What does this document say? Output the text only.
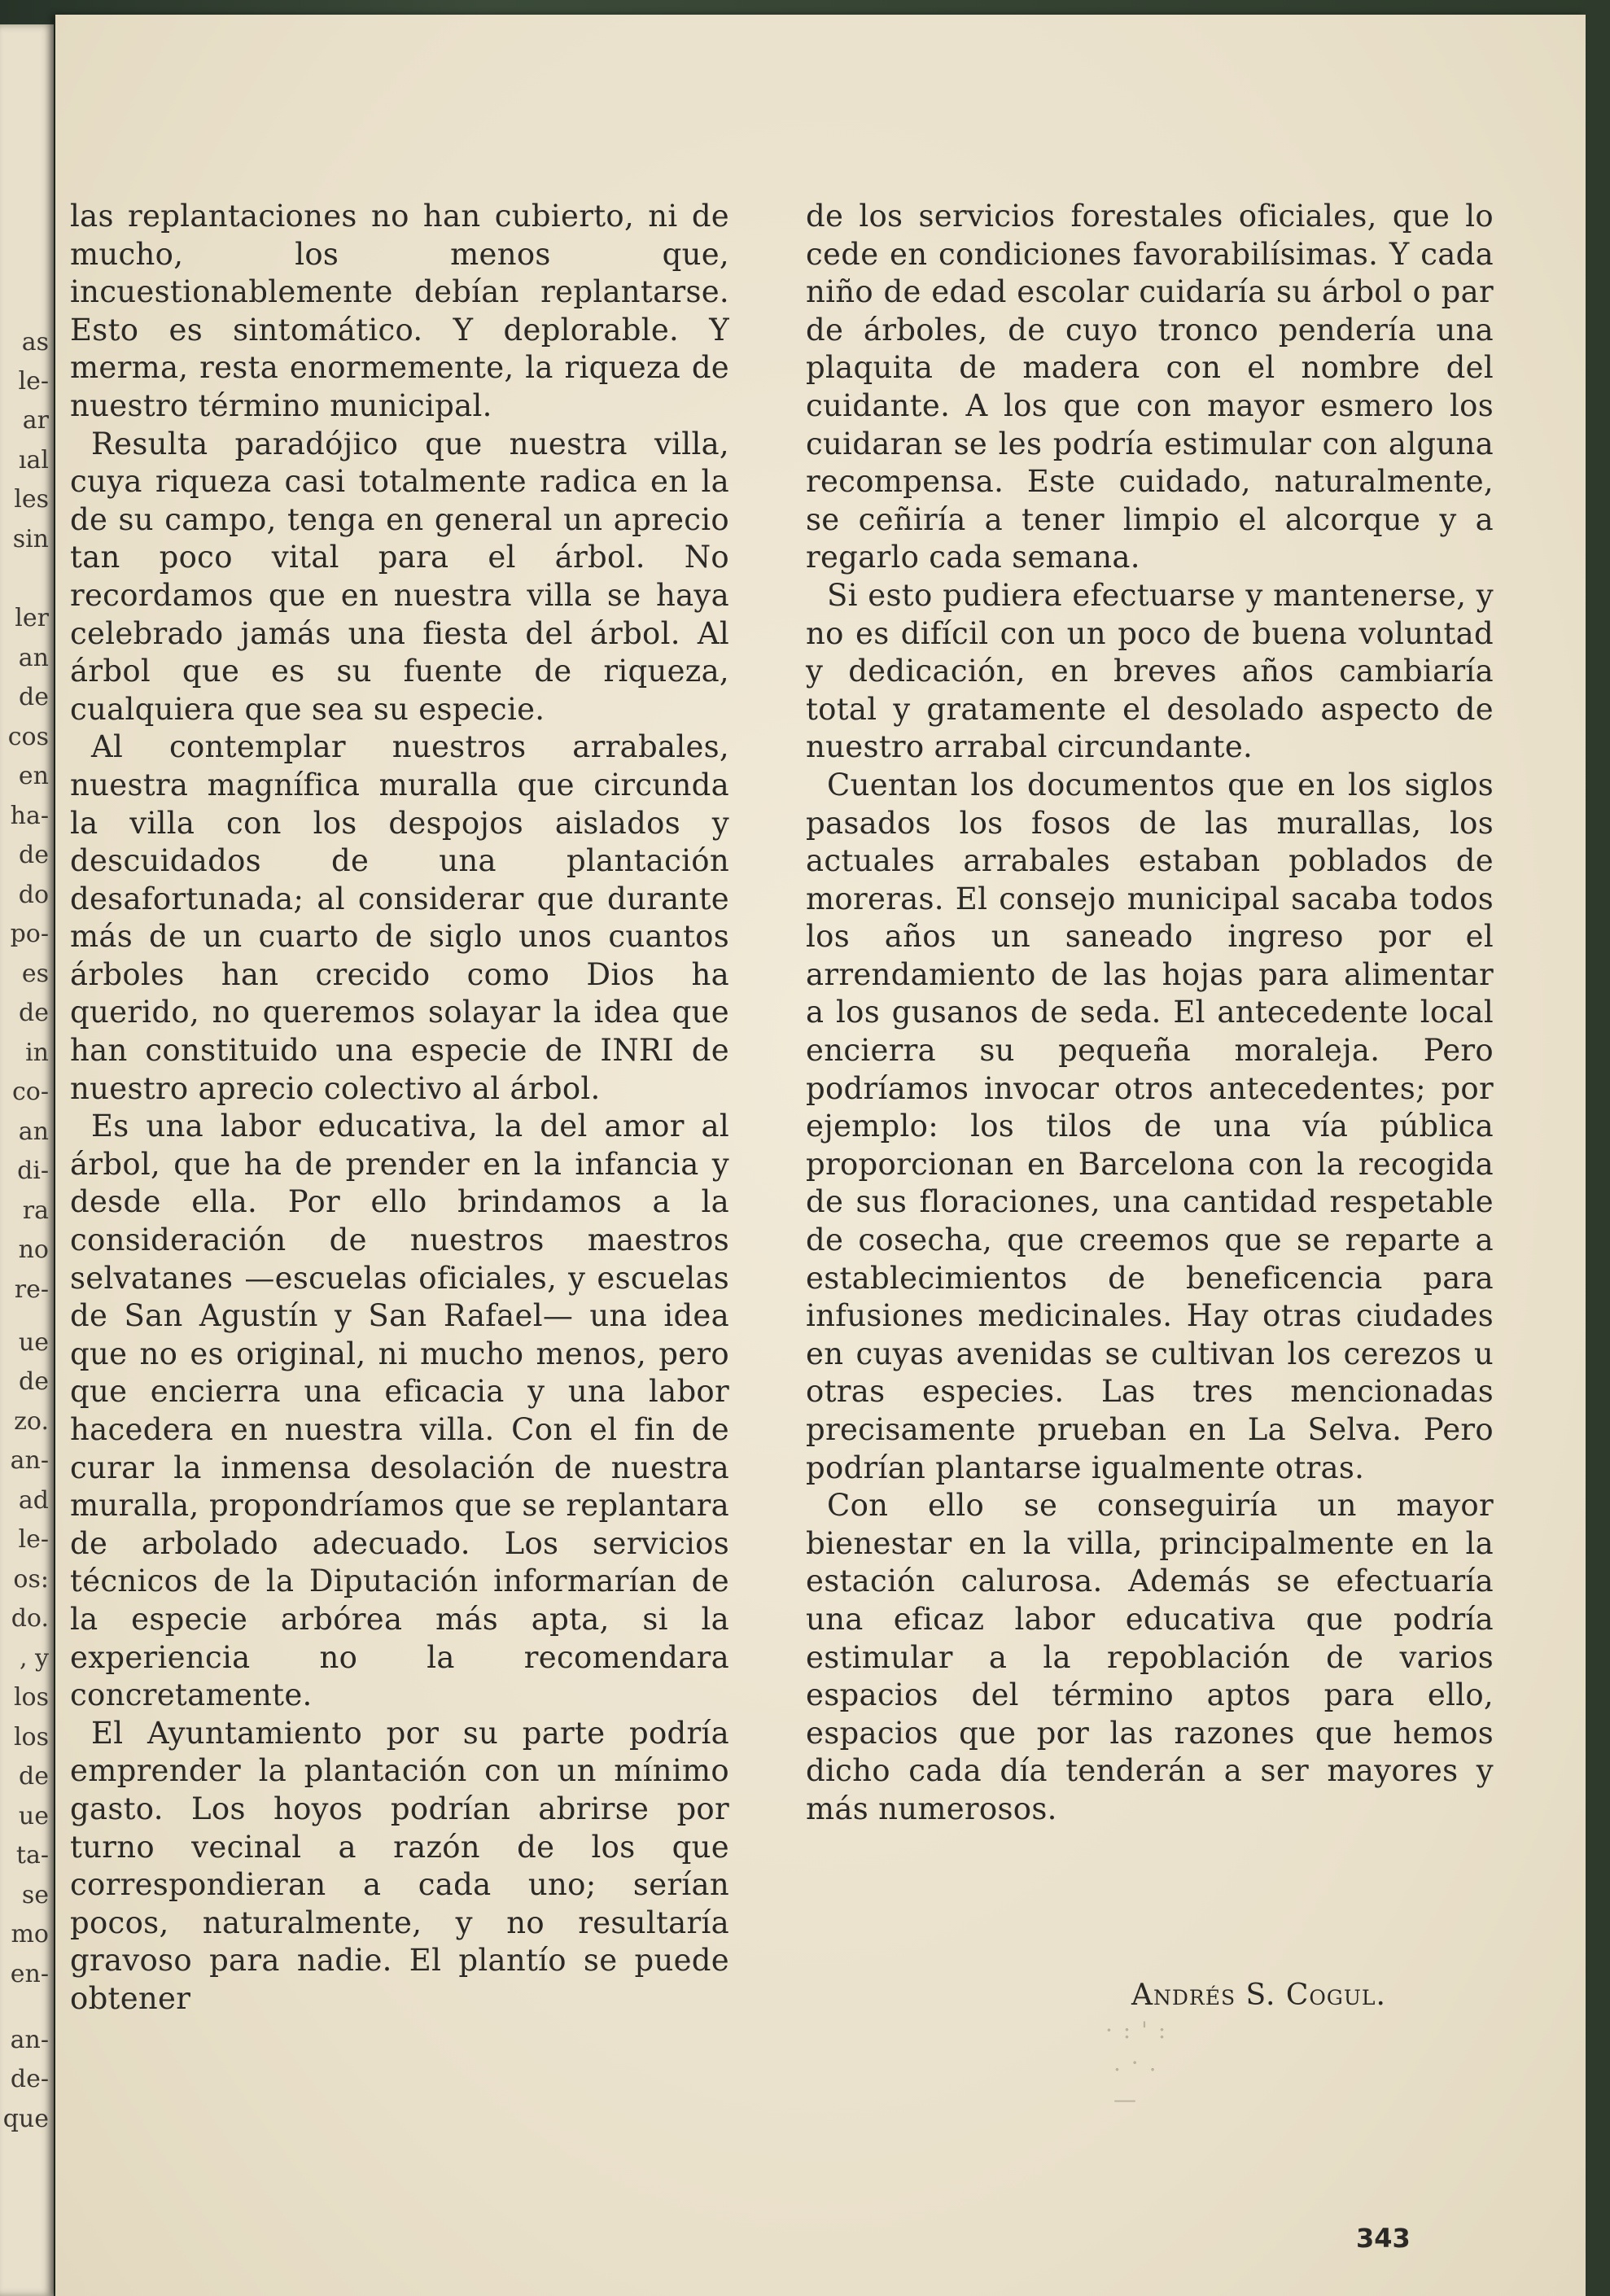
as
le-
ar
ıal
les
sin
ler
an
de
cos
en
ha-
de
do
po-
es
de
in
co-
an
di-
ra
no
re-
ue
de
zo.
an-
ad
le-
os:
do.
, y
los
los
de
ue
ta-
se
mo
en-
an-
de-
que

las replantaciones no han cubierto, ni de mucho, los menos que, incuestionablemente debían replantarse. Esto es sintomático. Y deplorable. Y merma, resta enormemente, la riqueza de nuestro término municipal.

Resulta paradójico que nuestra villa, cuya riqueza casi totalmente radica en la de su campo, tenga en general un aprecio tan poco vital para el árbol. No recordamos que en nuestra villa se haya celebrado jamás una fiesta del árbol. Al árbol que es su fuente de riqueza, cualquiera que sea su especie.

Al contemplar nuestros arrabales, nuestra magnífica muralla que circunda la villa con los despojos aislados y descuidados de una plantación desafortunada; al considerar que durante más de un cuarto de siglo unos cuantos árboles han crecido como Dios ha querido, no queremos solayar la idea que han constituido una especie de INRI de nuestro aprecio colectivo al árbol.

Es una labor educativa, la del amor al árbol, que ha de prender en la infancia y desde ella. Por ello brindamos a la consideración de nuestros maestros selvatanes —escuelas oficiales, y escuelas de San Agustín y San Rafael— una idea que no es original, ni mucho menos, pero que encierra una eficacia y una labor hacedera en nuestra villa. Con el fin de curar la inmensa desolación de nuestra muralla, propondríamos que se replantara de arbolado adecuado. Los servicios técnicos de la Diputación informarían de la especie arbórea más apta, si la experiencia no la recomendara concretamente.

El Ayuntamiento por su parte podría emprender la plantación con un mínimo gasto. Los hoyos podrían abrirse por turno vecinal a razón de los que correspondieran a cada uno; serían pocos, naturalmente, y no resultaría gravoso para nadie. El plantío se puede obtener

de los servicios forestales oficiales, que lo cede en condiciones favorabilísimas. Y cada niño de edad escolar cuidaría su árbol o par de árboles, de cuyo tronco pendería una plaquita de madera con el nombre del cuidante. A los que con mayor esmero los cuidaran se les podría estimular con alguna recompensa. Este cuidado, naturalmente, se ceñiría a tener limpio el alcorque y a regarlo cada semana.

Si esto pudiera efectuarse y mantenerse, y no es difícil con un poco de buena voluntad y dedicación, en breves años cambiaría total y gratamente el desolado aspecto de nuestro arrabal circundante.

Cuentan los documentos que en los siglos pasados los fosos de las murallas, los actuales arrabales estaban poblados de moreras. El consejo municipal sacaba todos los años un saneado ingreso por el arrendamiento de las hojas para alimentar a los gusanos de seda. El antecedente local encierra su pequeña moraleja. Pero podríamos invocar otros antecedentes; por ejemplo: los tilos de una vía pública proporcionan en Barcelona con la recogida de sus floraciones, una cantidad respetable de cosecha, que creemos que se reparte a establecimientos de beneficencia para infusiones medicinales. Hay otras ciudades en cuyas avenidas se cultivan los cerezos u otras especies. Las tres mencionadas precisamente prueban en La Selva. Pero podrían plantarse igualmente otras.

Con ello se conseguiría un mayor bienestar en la villa, principalmente en la estación calurosa. Además se efectuaría una eficaz labor educativa que podría estimular a la repoblación de varios espacios del término aptos para ello, espacios que por las razones que hemos dicho cada día tenderán a ser mayores y más numerosos.

· : ' :
. · .
—
Andrés S. Cogul.
343
